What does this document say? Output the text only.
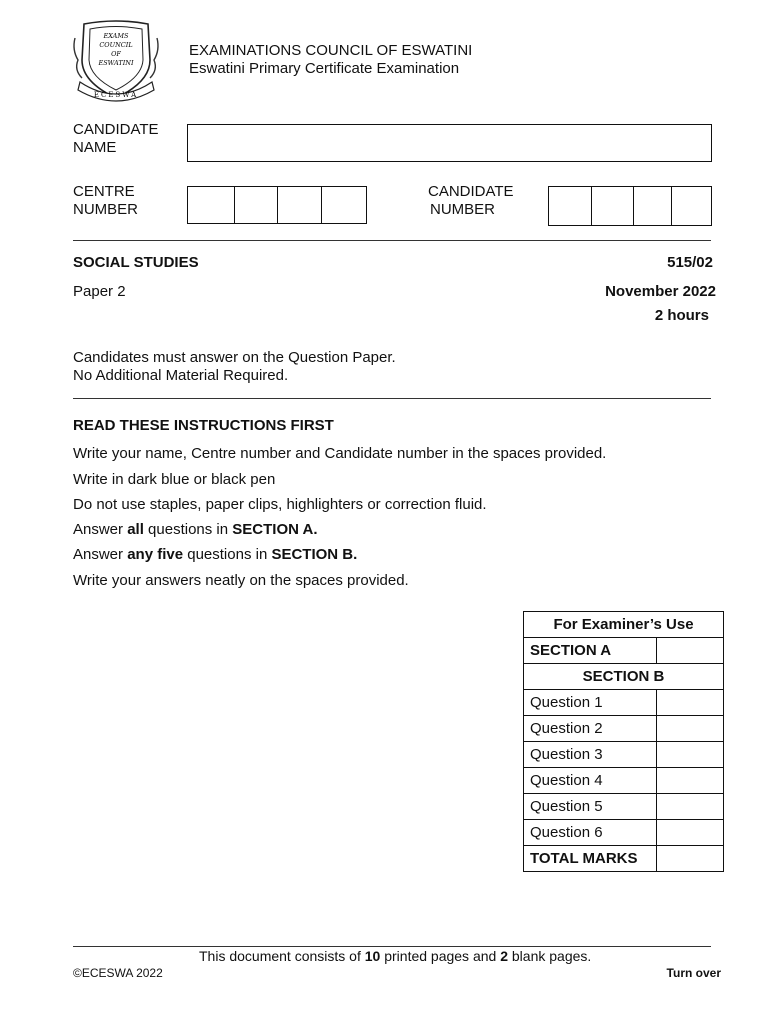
EXAMS
COUNCIL
OF
ESWATINI
ECESWA
EXAMINATIONS COUNCIL OF ESWATINI
Eswatini Primary Certificate Examination
CANDIDATE
NAME
CENTRE
NUMBER
CANDIDATE
NUMBER
SOCIAL STUDIES	515/02
Paper 2	November 2022
2 hours
Candidates must answer on the Question Paper.
No Additional Material Required.
READ THESE INSTRUCTIONS FIRST
Write your name, Centre number and Candidate number in the spaces provided.
Write in dark blue or black pen
Do not use staples, paper clips, highlighters or correction fluid.
Answer all questions in SECTION A.
Answer any five questions in SECTION B.
Write your answers neatly on the spaces provided.
For Examiner’s Use	
SECTION A	
SECTION B	
Question 1	
Question 2	
Question 3	
Question 4	
Question 5	
Question 6	
TOTAL MARKS	
This document consists of 10 printed pages and 2 blank pages.
©ECESWA 2022	Turn over
